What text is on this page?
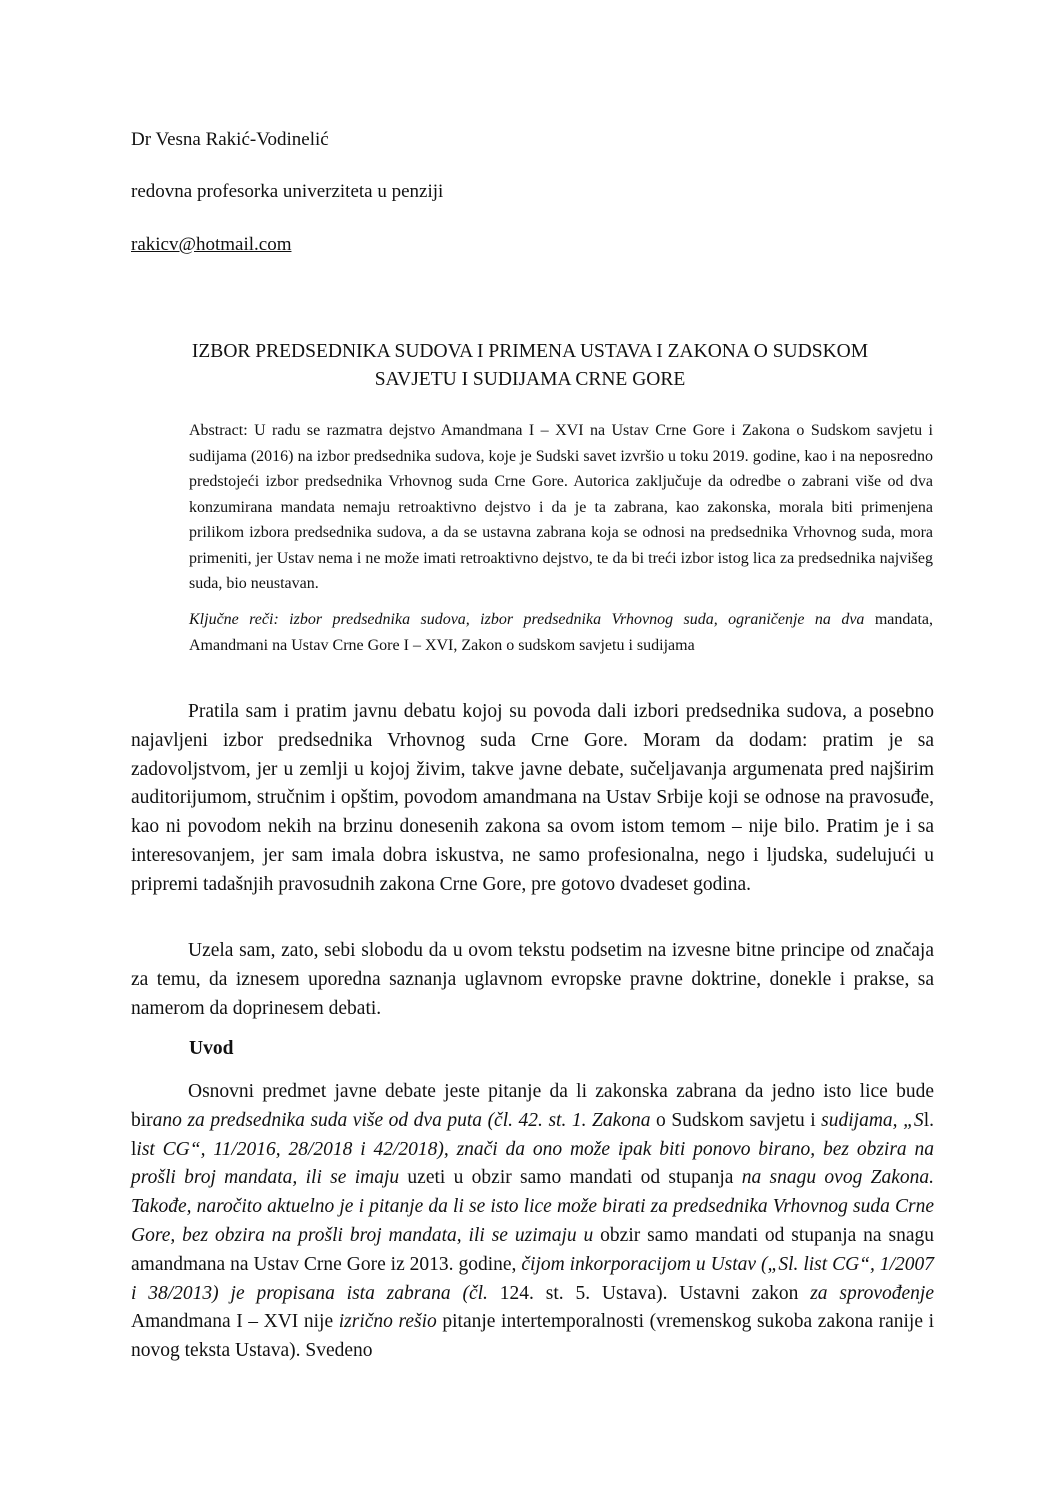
Dr Vesna Rakić-Vodinelić
redovna profesorka univerziteta u penziji
rakicv@hotmail.com
IZBOR PREDSEDNIKA SUDOVA I PRIMENA USTAVA I ZAKONA O SUDSKOM
SAVJETU I SUDIJAMA CRNE GORE
Abstract: U radu se razmatra dejstvo Amandmana I – XVI na Ustav Crne Gore i Zakona o Sudskom savjetu i sudijama (2016) na izbor predsednika sudova, koje je Sudski savet izvršio u toku 2019. godine, kao i na neposredno predstojeći izbor predsednika Vrhovnog suda Crne Gore. Autorica zaključuje da odredbe o zabrani više od dva konzumirana mandata nemaju retroaktivno dejstvo i da je ta zabrana, kao zakonska, morala biti primenjena prilikom izbora predsednika sudova, a da se ustavna zabrana koja se odnosi na predsednika Vrhovnog suda, mora primeniti, jer Ustav nema i ne može imati retroaktivno dejstvo, te da bi treći izbor istog lica za predsednika najvišeg suda, bio neustavan.
Ključne reči: izbor predsednika sudova, izbor predsednika Vrhovnog suda, ograničenje na dva mandata, Amandmani na Ustav Crne Gore I – XVI, Zakon o sudskom savjetu i sudijama
Pratila sam i pratim javnu debatu kojoj su povoda dali izbori predsednika sudova, a posebno najavljeni izbor predsednika Vrhovnog suda Crne Gore. Moram da dodam: pratim je sa zadovoljstvom, jer u zemlji u kojoj živim, takve javne debate, sučeljavanja argumenata pred najširim auditorijumom, stručnim i opštim, povodom amandmana na Ustav Srbije koji se odnose na pravosuđe, kao ni povodom nekih na brzinu donesenih zakona sa ovom istom temom – nije bilo. Pratim je i sa interesovanjem, jer sam imala dobra iskustva, ne samo profesionalna, nego i ljudska, sudelujući u pripremi tadašnjih pravosudnih zakona Crne Gore, pre gotovo dvadeset godina.
Uzela sam, zato, sebi slobodu da u ovom tekstu podsetim na izvesne bitne principe od značaja za temu, da iznesem uporedna saznanja uglavnom evropske pravne doktrine, donekle i prakse, sa namerom da doprinesem debati.
Uvod
Osnovni predmet javne debate jeste pitanje da li zakonska zabrana da jedno isto lice bude birano za predsednika suda više od dva puta (čl. 42. st. 1. Zakona o Sudskom savjetu i sudijama, „Sl. list CG“, 11/2016, 28/2018 i 42/2018), znači da ono može ipak biti ponovo birano, bez obzira na prošli broj mandata, ili se imaju uzeti u obzir samo mandati od stupanja na snagu ovog Zakona. Takođe, naročito aktuelno je i pitanje da li se isto lice može birati za predsednika Vrhovnog suda Crne Gore, bez obzira na prošli broj mandata, ili se uzimaju u obzir samo mandati od stupanja na snagu amandmana na Ustav Crne Gore iz 2013. godine, čijom inkorporacijom u Ustav („Sl. list CG“, 1/2007 i 38/2013) je propisana ista zabrana (čl. 124. st. 5. Ustava). Ustavni zakon za sprovođenje Amandmana I – XVI nije izrično rešio pitanje intertemporalnosti (vremenskog sukoba zakona ranije i novog teksta Ustava). Svedeno
